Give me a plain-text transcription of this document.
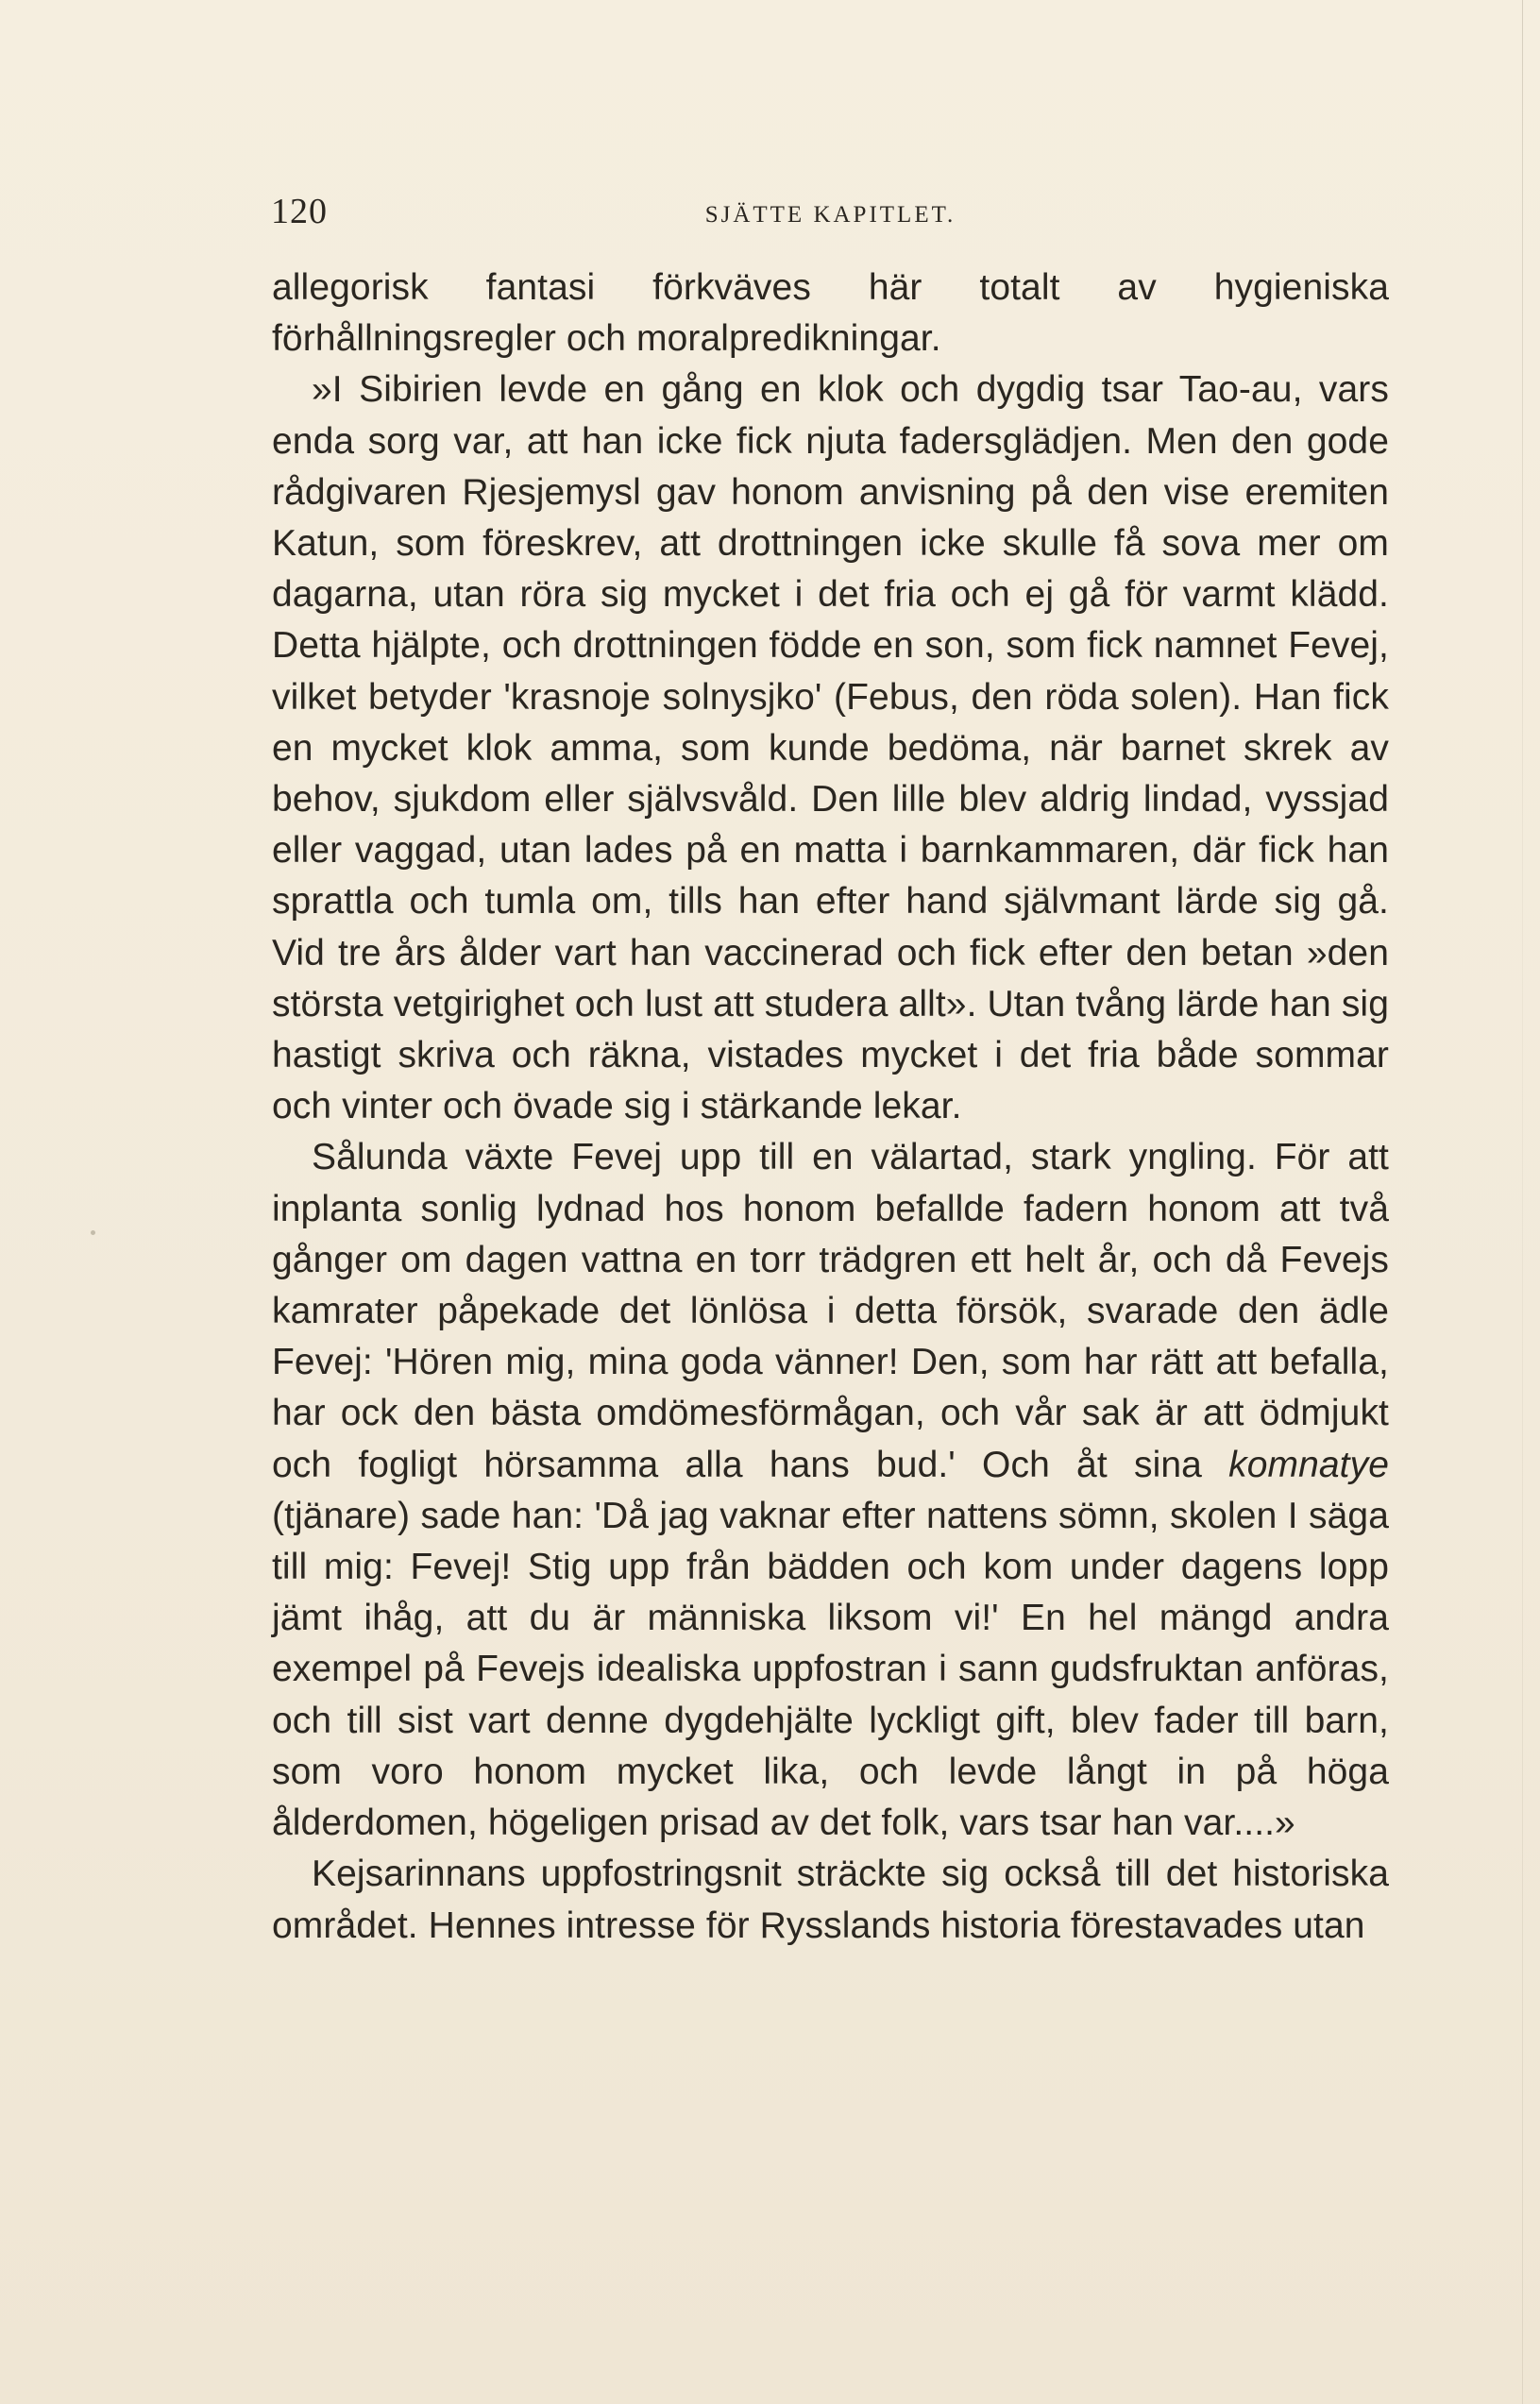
120	SJÄTTE KAPITLET.

allegorisk fantasi förkväves här totalt av hygieniska förhållningsregler och moralpredikningar.

»I Sibirien levde en gång en klok och dygdig tsar Tao-au, vars enda sorg var, att han icke fick njuta fadersglädjen. Men den gode rådgivaren Rjesjemysl gav honom anvisning på den vise eremiten Katun, som föreskrev, att drottningen icke skulle få sova mer om dagarna, utan röra sig mycket i det fria och ej gå för varmt klädd. Detta hjälpte, och drottningen födde en son, som fick namnet Fevej, vilket betyder 'krasnoje solnysjko' (Febus, den röda solen). Han fick en mycket klok amma, som kunde bedöma, när barnet skrek av behov, sjukdom eller självsvåld. Den lille blev aldrig lindad, vyssjad eller vaggad, utan lades på en matta i barnkammaren, där fick han sprattla och tumla om, tills han efter hand självmant lärde sig gå. Vid tre års ålder vart han vaccinerad och fick efter den betan »den största vetgirighet och lust att studera allt». Utan tvång lärde han sig hastigt skriva och räkna, vistades mycket i det fria både sommar och vinter och övade sig i stärkande lekar.

Sålunda växte Fevej upp till en välartad, stark yngling. För att inplanta sonlig lydnad hos honom befallde fadern honom att två gånger om dagen vattna en torr trädgren ett helt år, och då Fevejs kamrater påpekade det lönlösa i detta försök, svarade den ädle Fevej: 'Hören mig, mina goda vänner! Den, som har rätt att befalla, har ock den bästa omdömesförmågan, och vår sak är att ödmjukt och fogligt hörsamma alla hans bud.' Och åt sina komnatye (tjänare) sade han: 'Då jag vaknar efter nattens sömn, skolen I säga till mig: Fevej! Stig upp från bädden och kom under dagens lopp jämt ihåg, att du är människa liksom vi!' En hel mängd andra exempel på Fevejs idealiska uppfostran i sann gudsfruktan anföras, och till sist vart denne dygdehjälte lyckligt gift, blev fader till barn, som voro honom mycket lika, och levde långt in på höga ålderdomen, högeligen prisad av det folk, vars tsar han var....»

Kejsarinnans uppfostringsnit sträckte sig också till det historiska området. Hennes intresse för Rysslands historia förestavades utan
